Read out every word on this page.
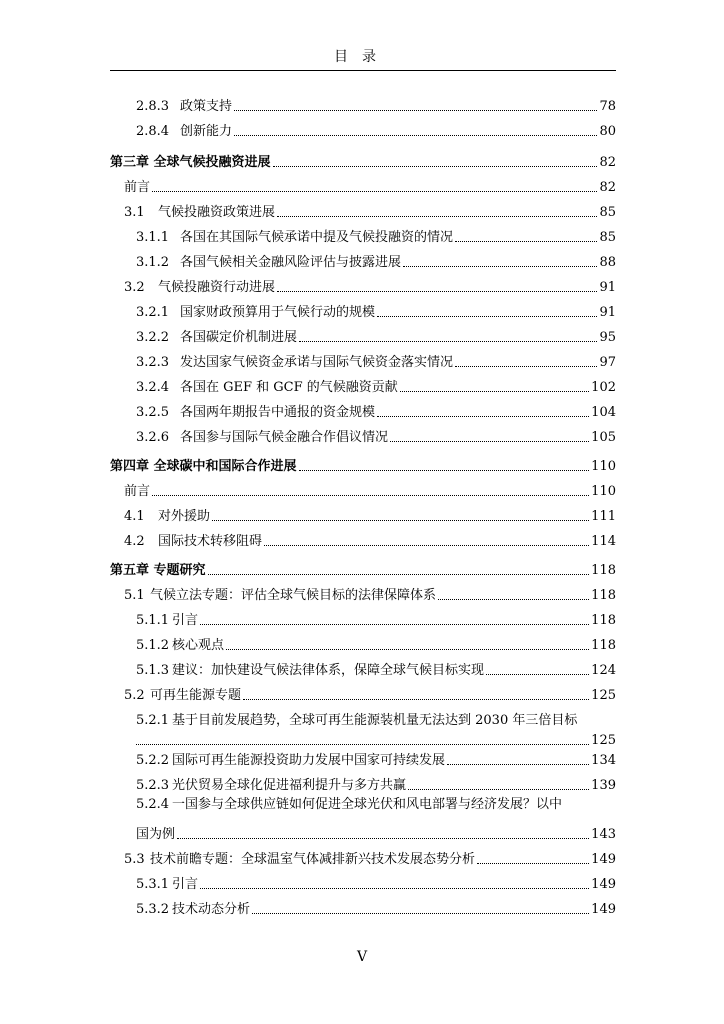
目录
2.8.3 政策支持	78
2.8.4 创新能力	80
第三章 全球气候投融资进展	82
前言	82
3.1 气候投融资政策进展	85
3.1.1 各国在其国际气候承诺中提及气候投融资的情况	85
3.1.2 各国气候相关金融风险评估与披露进展	88
3.2 气候投融资行动进展	91
3.2.1 国家财政预算用于气候行动的规模	91
3.2.2 各国碳定价机制进展	95
3.2.3 发达国家气候资金承诺与国际气候资金落实情况	97
3.2.4 各国在 GEF 和 GCF 的气候融资贡献	102
3.2.5 各国两年期报告中通报的资金规模	104
3.2.6 各国参与国际气候金融合作倡议情况	105
第四章 全球碳中和国际合作进展	110
前言	110
4.1 对外援助	111
4.2 国际技术转移阻碍	114
第五章 专题研究	118
5.1 气候立法专题：评估全球气候目标的法律保障体系	118
5.1.1 引言	118
5.1.2 核心观点	118
5.1.3 建议：加快建设气候法律体系，保障全球气候目标实现	124
5.2 可再生能源专题	125
5.2.1 基于目前发展趋势，全球可再生能源装机量无法达到 2030 年三倍目标
125
5.2.2 国际可再生能源投资助力发展中国家可持续发展	134
5.2.3 光伏贸易全球化促进福利提升与多方共赢	139
5.2.4 一国参与全球供应链如何促进全球光伏和风电部署与经济发展？以中
国为例	143
5.3 技术前瞻专题：全球温室气体减排新兴技术发展态势分析	149
5.3.1 引言	149
5.3.2 技术动态分析	149
V
